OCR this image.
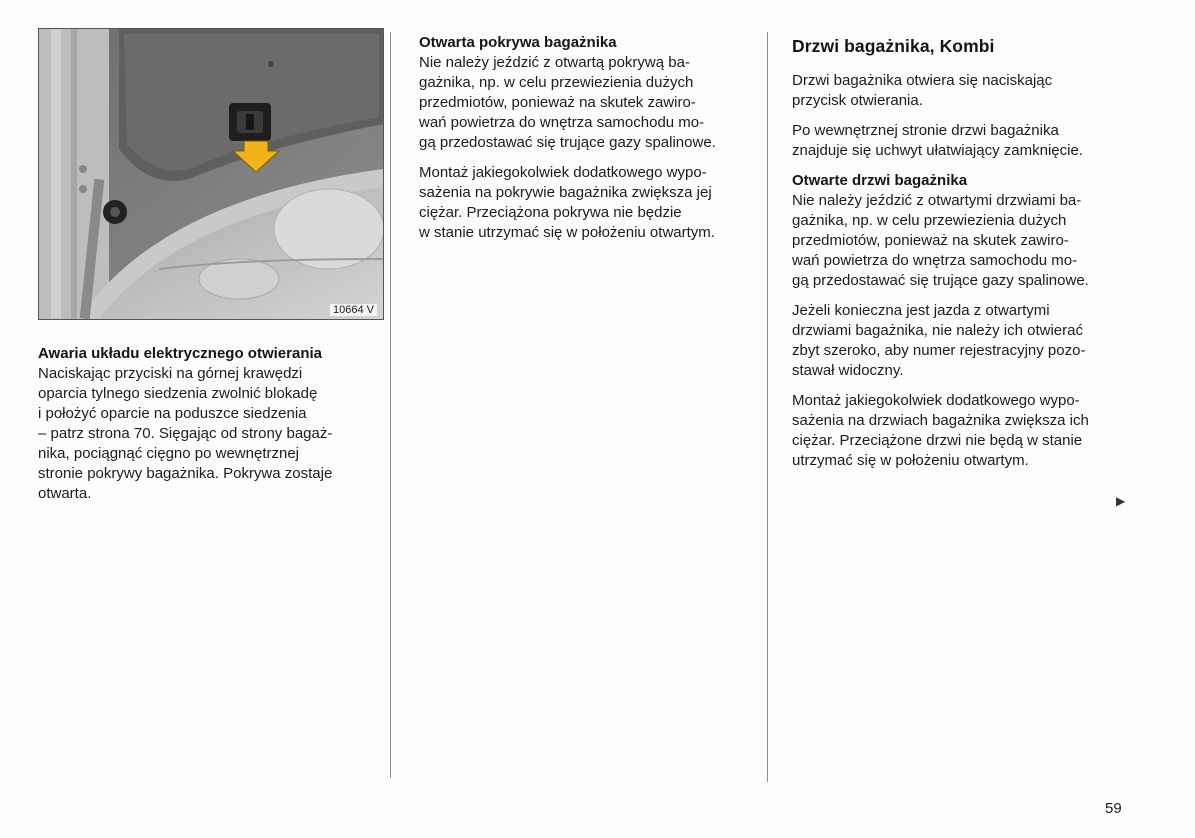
10664 V
Awaria układu elektrycznego otwierania

Naciskając przyciski na górnej krawędzi
oparcia tylnego siedzenia zwolnić blokadę
i położyć oparcie na poduszce siedzenia
– patrz strona 70. Sięgając od strony bagaż-
nika, pociągnąć cięgno po wewnętrznej
stronie pokrywy bagażnika. Pokrywa zostaje
otwarta.

Otwarta pokrywa bagażnika

Nie należy jeździć z otwartą pokrywą ba-
gażnika, np. w celu przewiezienia dużych
przedmiotów, ponieważ na skutek zawiro-
wań powietrza do wnętrza samochodu mo-
gą przedostawać się trujące gazy spalinowe.

Montaż jakiegokolwiek dodatkowego wypo-
sażenia na pokrywie bagażnika zwiększa jej
ciężar. Przeciążona pokrywa nie będzie
w stanie utrzymać się w położeniu otwartym.

Drzwi bagażnika, Kombi

Drzwi bagażnika otwiera się naciskając
przycisk otwierania.

Po wewnętrznej stronie drzwi bagażnika
znajduje się uchwyt ułatwiający zamknięcie.

Otwarte drzwi bagażnika

Nie należy jeździć z otwartymi drzwiami ba-
gażnika, np. w celu przewiezienia dużych
przedmiotów, ponieważ na skutek zawiro-
wań powietrza do wnętrza samochodu mo-
gą przedostawać się trujące gazy spalinowe.

Jeżeli konieczna jest jazda z otwartymi
drzwiami bagażnika, nie należy ich otwierać
zbyt szeroko, aby numer rejestracyjny pozo-
stawał widoczny.

Montaż jakiegokolwiek dodatkowego wypo-
sażenia na drzwiach bagażnika zwiększa ich
ciężar. Przeciążone drzwi nie będą w stanie
utrzymać się w położeniu otwartym.

▶
59
